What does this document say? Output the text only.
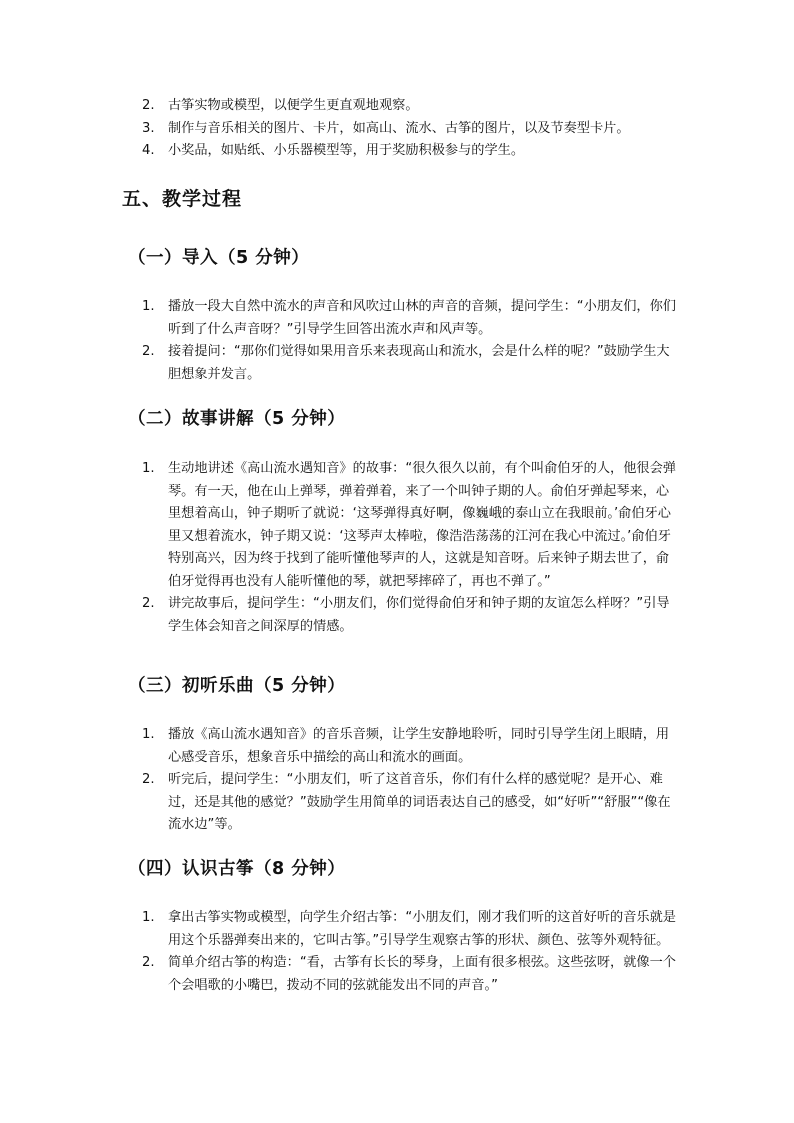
2.	古筝实物或模型，以便学生更直观地观察。
3.	制作与音乐相关的图片、卡片，如高山、流水、古筝的图片，以及节奏型卡片。
4.	小奖品，如贴纸、小乐器模型等，用于奖励积极参与的学生。
五、教学过程
（一）导入（5 分钟）
1.	播放一段大自然中流水的声音和风吹过山林的声音的音频，提问学生：“小朋友们，你们听到了什么声音呀？”引导学生回答出流水声和风声等。
2.	接着提问：“那你们觉得如果用音乐来表现高山和流水，会是什么样的呢？”鼓励学生大胆想象并发言。
（二）故事讲解（5 分钟）
1.	生动地讲述《高山流水遇知音》的故事：“很久很久以前，有个叫俞伯牙的人，他很会弹琴。有一天，他在山上弹琴，弹着弹着，来了一个叫钟子期的人。俞伯牙弹起琴来，心里想着高山，钟子期听了就说：‘这琴弹得真好啊，像巍峨的泰山立在我眼前。’俞伯牙心里又想着流水，钟子期又说：‘这琴声太棒啦，像浩浩荡荡的江河在我心中流过。’俞伯牙特别高兴，因为终于找到了能听懂他琴声的人，这就是知音呀。后来钟子期去世了，俞伯牙觉得再也没有人能听懂他的琴，就把琴摔碎了，再也不弹了。”
2.	讲完故事后，提问学生：“小朋友们，你们觉得俞伯牙和钟子期的友谊怎么样呀？”引导学生体会知音之间深厚的情感。
（三）初听乐曲（5 分钟）
1.	播放《高山流水遇知音》的音乐音频，让学生安静地聆听，同时引导学生闭上眼睛，用心感受音乐，想象音乐中描绘的高山和流水的画面。
2.	听完后，提问学生：“小朋友们，听了这首音乐，你们有什么样的感觉呢？是开心、难过，还是其他的感觉？”鼓励学生用简单的词语表达自己的感受，如“好听”“舒服”“像在流水边”等。
（四）认识古筝（8 分钟）
1.	拿出古筝实物或模型，向学生介绍古筝：“小朋友们，刚才我们听的这首好听的音乐就是用这个乐器弹奏出来的，它叫古筝。”引导学生观察古筝的形状、颜色、弦等外观特征。
2.	简单介绍古筝的构造：“看，古筝有长长的琴身，上面有很多根弦。这些弦呀，就像一个个会唱歌的小嘴巴，拨动不同的弦就能发出不同的声音。”
